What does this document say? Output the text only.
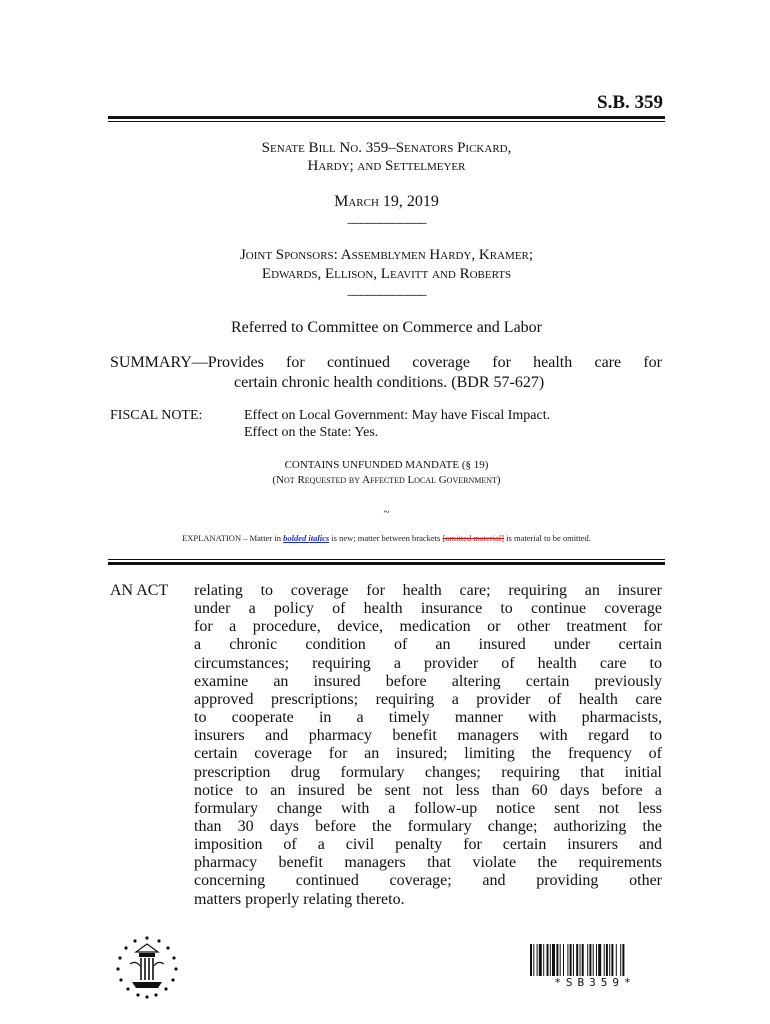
S.B. 359
Senate Bill No. 359–Senators Pickard,
Hardy; and Settelmeyer
March 19, 2019
____________
Joint Sponsors: Assemblymen Hardy, Kramer;
Edwards, Ellison, Leavitt and Roberts
____________
Referred to Committee on Commerce and Labor
SUMMARY—Provides for continued coverage for health care for
certain chronic health conditions. (BDR 57-627)
FISCAL NOTE:	Effect on Local Government: May have Fiscal Impact.
Effect on the State: Yes.
CONTAINS UNFUNDED MANDATE (§ 19)
(Not Requested by Affected Local Government)
~
EXPLANATION – Matter in bolded italics is new; matter between brackets [omitted material] is material to be omitted.
AN ACT relating to coverage for health care; requiring an insurer
under a policy of health insurance to continue coverage
for a procedure, device, medication or other treatment for
a chronic condition of an insured under certain
circumstances; requiring a provider of health care to
examine an insured before altering certain previously
approved prescriptions; requiring a provider of health care
to cooperate in a timely manner with pharmacists,
insurers and pharmacy benefit managers with regard to
certain coverage for an insured; limiting the frequency of
prescription drug formulary changes; requiring that initial
notice to an insured be sent not less than 60 days before a
formulary change with a follow-up notice sent not less
than 30 days before the formulary change; authorizing the
imposition of a civil penalty for certain insurers and
pharmacy benefit managers that violate the requirements
concerning continued coverage; and providing other
matters properly relating thereto.
*SB359*
